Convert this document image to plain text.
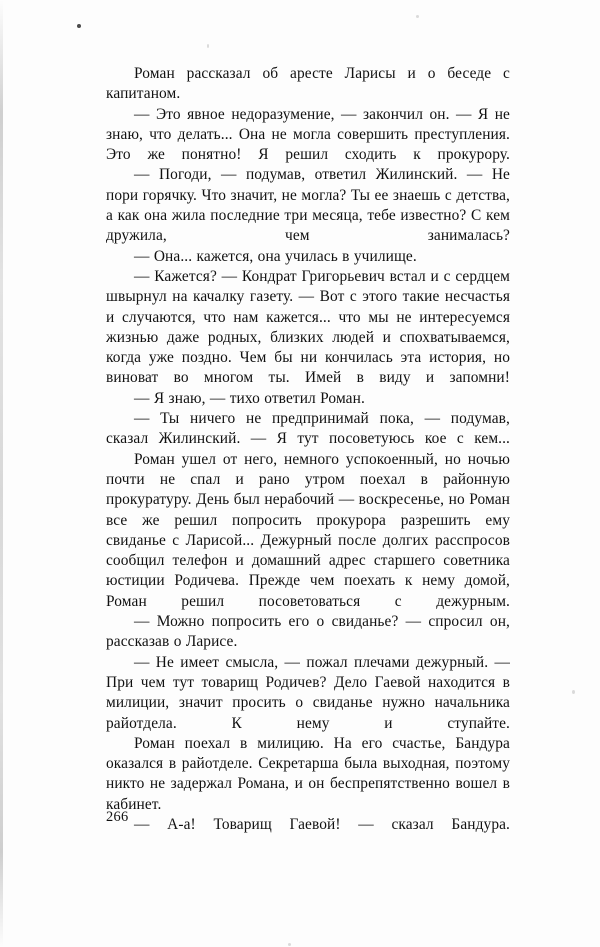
Роман рассказал об аресте Ларисы и о беседе с капитаном.

— Это явное недоразумение, — закончил он. — Я не знаю, что делать... Она не могла совершить преступления. Это же понятно! Я решил сходить к прокурору.

— Погоди, — подумав, ответил Жилинский. — Не пори горячку. Что значит, не могла? Ты ее знаешь с детства, а как она жила последние три месяца, тебе известно? С кем дружила, чем занималась?

— Она... кажется, она училась в училище.

— Кажется? — Кондрат Григорьевич встал и с сердцем швырнул на качалку газету. — Вот с этого такие несчастья и случаются, что нам кажется... что мы не интересуемся жизнью даже родных, близких людей и спохватываемся, когда уже поздно. Чем бы ни кончилась эта история, но виноват во многом ты. Имей в виду и запомни!

— Я знаю, — тихо ответил Роман.

— Ты ничего не предпринимай пока, — подумав, сказал Жилинский. — Я тут посоветуюсь кое с кем...

Роман ушел от него, немного успокоенный, но ночью почти не спал и рано утром поехал в районную прокуратуру. День был нерабочий — воскресенье, но Роман все же решил попросить прокурора разрешить ему свиданье с Ларисой... Дежурный после долгих расспросов сообщил телефон и домашний адрес старшего советника юстиции Родичева. Прежде чем поехать к нему домой, Роман решил посоветоваться с дежурным.

— Можно попросить его о свиданье? — спросил он, рассказав о Ларисе.

— Не имеет смысла, — пожал плечами дежурный. — При чем тут товарищ Родичев? Дело Гаевой находится в милиции, значит просить о свиданье нужно начальника райотдела. К нему и ступайте.

Роман поехал в милицию. На его счастье, Бандура оказался в райотделе. Секретарша была выходная, поэтому никто не задержал Романа, и он беспрепятственно вошел в кабинет.

— А-а! Товарищ Гаевой! — сказал Бандура.

266
